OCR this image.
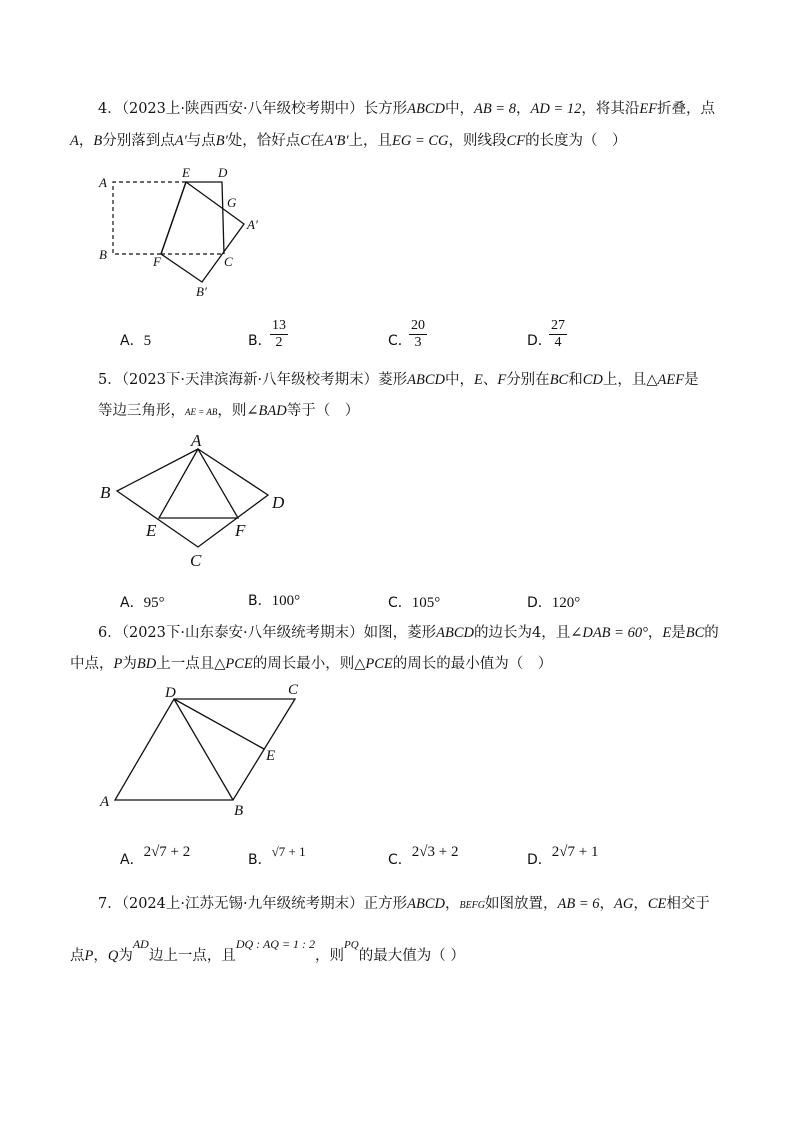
4．（2023上·陕西西安·八年级校考期中）长方形ABCD中，AB = 8，AD = 12，将其沿EF折叠，点
A，B分别落到点A′与点B′处，恰好点C在A′B′上，且EG = CG，则线段CF的长度为（　）
A
B
E D
G
A′
F	C
B′
A．5	B．
$\frac{13}{2}$	C．
$\frac{20}{3}$	D．
$\frac{27}{4}$
5．（2023下·天津滨海新·八年级校考期末）菱形ABCD中，E、F分别在BC和CD上，且△AEF是
等边三角形，AE = AB，则∠BAD等于（　）
A
B
D
E	F
C
A．95°	B．100°	C．105°	D．120°
6．（2023下·山东泰安·八年级统考期末）如图，菱形ABCD的边长为4，且∠DAB = 60°，E是BC的
中点，P为BD上一点且△PCE的周长最小，则△PCE的周长的最小值为（　）
D	C
E
A
B
A．2√7 + 2	B．√7 + 1
C．2√3 + 2	D．2√7 + 1
7．（2024上·江苏无锡·九年级统考期末）正方形ABCD，BEFG如图放置，AB = 6，AG，CE相交于
点P，Q为$^{AD}$边上一点，且$^{DQ : AQ = 1 : 2}$，则$^{PQ}$的最大值为（ ）
